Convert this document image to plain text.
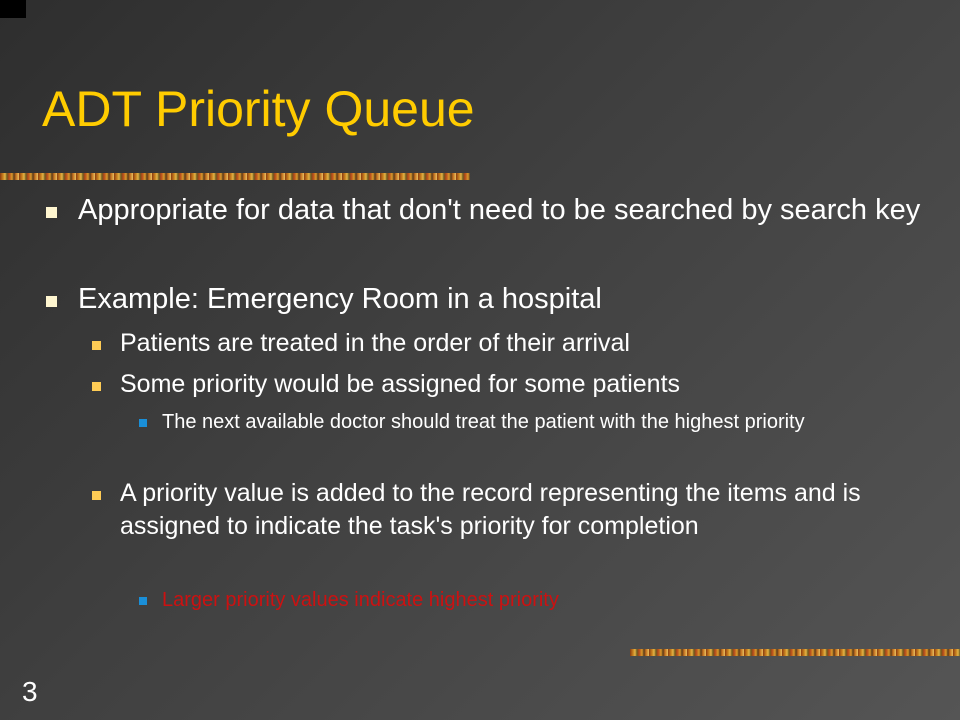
ADT Priority Queue
Appropriate for data that don't need to be searched by search key
Example: Emergency Room in a hospital
Patients are treated in the order of their arrival
Some priority would be assigned for some patients
The next available doctor should treat the patient with the highest priority
A priority value is added to the record representing the items and is assigned to indicate the task's priority for completion
Larger priority values indicate highest priority
3
